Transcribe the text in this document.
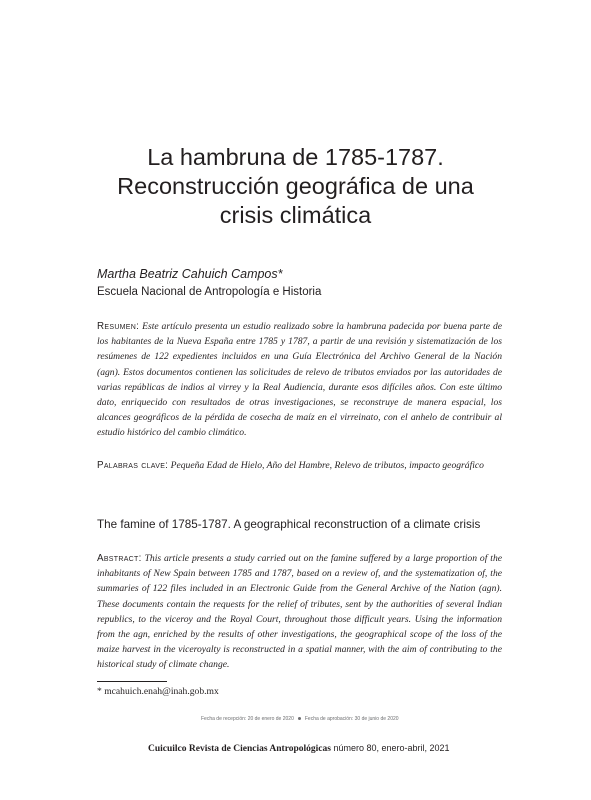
La hambruna de 1785-1787.
Reconstrucción geográfica de una
crisis climática
Martha Beatriz Cahuich Campos*
Escuela Nacional de Antropología e Historia
Resumen: Este artículo presenta un estudio realizado sobre la hambruna padecida por buena parte de los habitantes de la Nueva España entre 1785 y 1787, a partir de una revisión y sistematización de los resúmenes de 122 expedientes incluidos en una Guía Electrónica del Archivo General de la Nación (agn). Estos documentos contienen las solicitudes de relevo de tributos enviados por las autoridades de varias repúblicas de indios al virrey y la Real Audiencia, durante esos difíciles años. Con este último dato, enriquecido con resultados de otras investigaciones, se reconstruye de manera espacial, los alcances geográficos de la pérdida de cosecha de maíz en el virreinato, con el anhelo de contribuir al estudio histórico del cambio climático.
Palabras clave: Pequeña Edad de Hielo, Año del Hambre, Relevo de tributos, impacto geográfico
The famine of 1785-1787. A geographical reconstruction of a climate crisis
Abstract: This article presents a study carried out on the famine suffered by a large proportion of the inhabitants of New Spain between 1785 and 1787, based on a review of, and the systematization of, the summaries of 122 files included in an Electronic Guide from the General Archive of the Nation (agn). These documents contain the requests for the relief of tributes, sent by the authorities of several Indian republics, to the viceroy and the Royal Court, throughout those difficult years. Using the information from the agn, enriched by the results of other investigations, the geographical scope of the loss of the maize harvest in the viceroyalty is reconstructed in a spatial manner, with the aim of contributing to the historical study of climate change.
* mcahuich.enah@inah.gob.mx
Fecha de recepción: 20 de enero de 2020 Fecha de aprobación: 30 de junio de 2020
Cuicuilco Revista de Ciencias Antropológicas número 80, enero-abril, 2021
